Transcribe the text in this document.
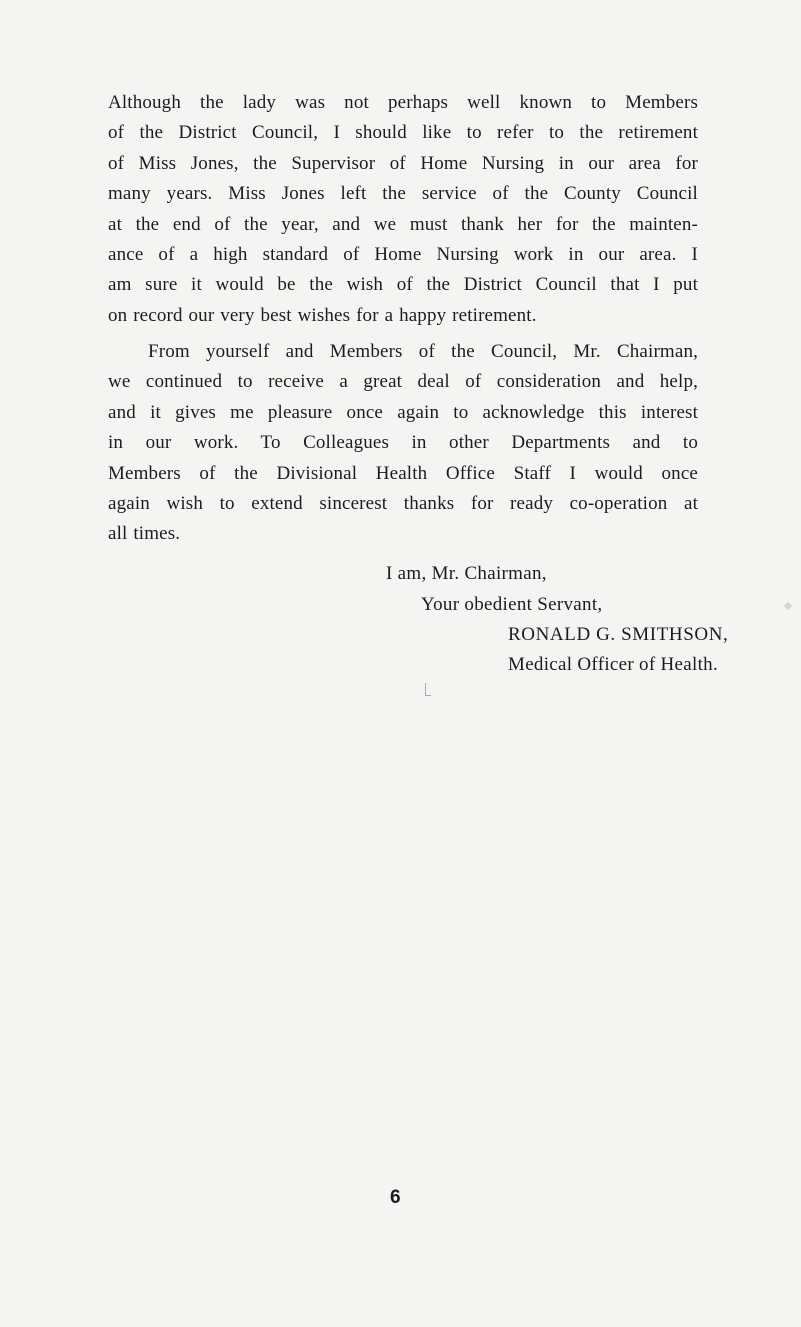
Although the lady was not perhaps well known to Members
of the District Council, I should like to refer to the retirement
of Miss Jones, the Supervisor of Home Nursing in our area for
many years. Miss Jones left the service of the County Council
at the end of the year, and we must thank her for the mainten-
ance of a high standard of Home Nursing work in our area. I
am sure it would be the wish of the District Council that I put
on record our very best wishes for a happy retirement.
From yourself and Members of the Council, Mr. Chairman,
we continued to receive a great deal of consideration and help,
and it gives me pleasure once again to acknowledge this interest
in our work. To Colleagues in other Departments and to
Members of the Divisional Health Office Staff I would once
again wish to extend sincerest thanks for ready co-operation at
all times.
I am, Mr. Chairman,
Your obedient Servant,
RONALD G. SMITHSON,
Medical Officer of Health.
6
